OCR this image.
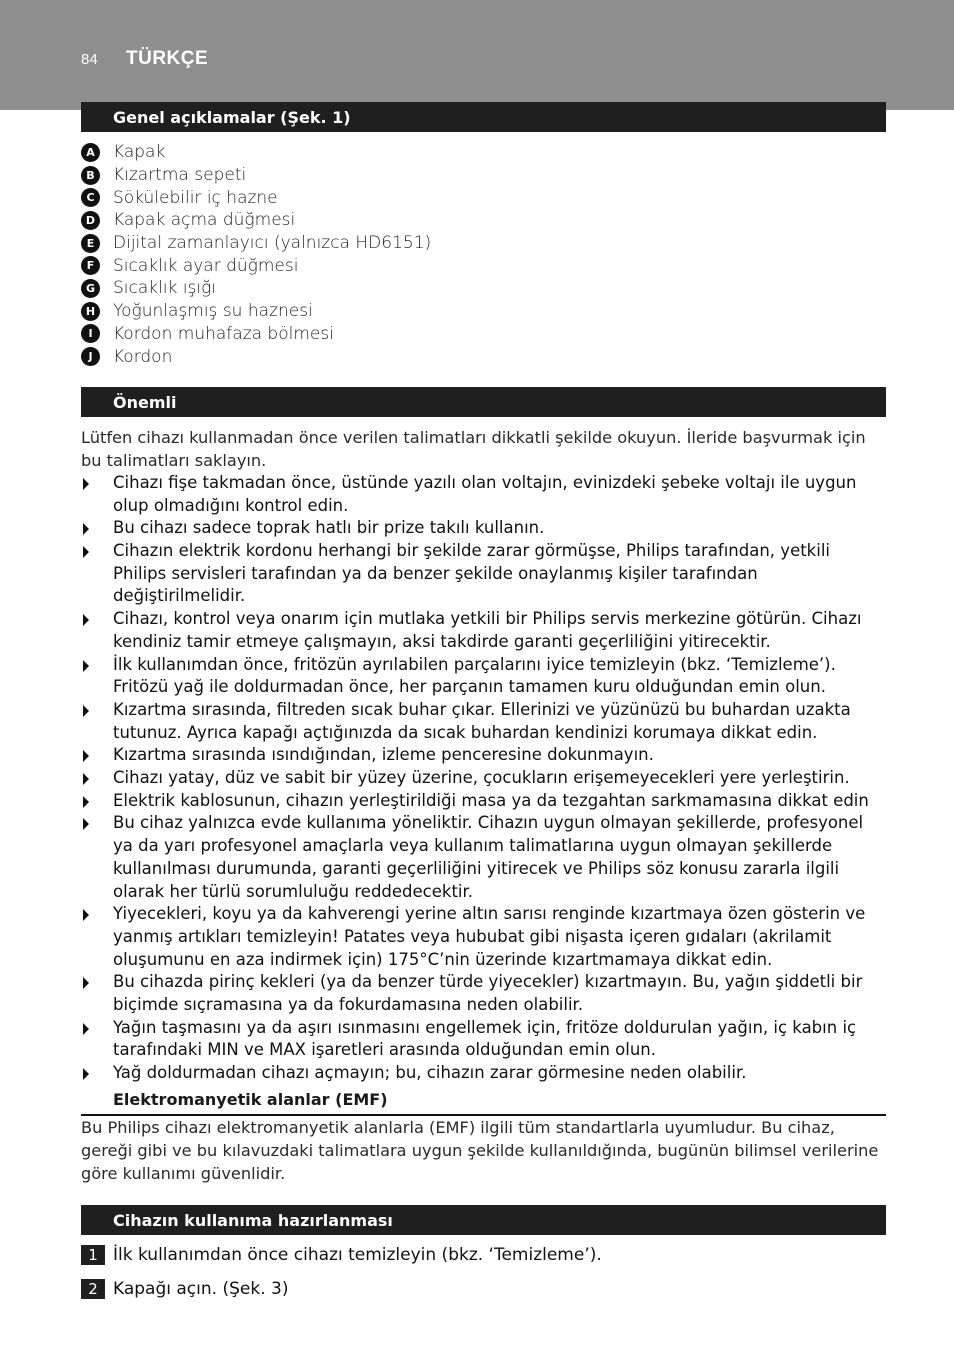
84 TÜRKÇE
Genel açıklamalar (Şek. 1)
A	Kapak
B	Kızartma sepeti
C	Sökülebilir iç hazne
D Kapak açma düğmesi
E	Dijital zamanlayıcı (yalnızca HD6151)
F	Sıcaklık ayar düğmesi
G Sıcaklık ışığı
H Yoğunlaşmış su haznesi
I	Kordon muhafaza bölmesi
J	Kordon
Önemli

Lütfen cihazı kullanmadan önce verilen talimatları dikkatli şekilde okuyun. İleride başvurmak için bu talimatları saklayın.

Cihazı fişe takmadan önce, üstünde yazılı olan voltajın, evinizdeki şebeke voltajı ile uygun olup olmadığını kontrol edin.
Bu cihazı sadece toprak hatlı bir prize takılı kullanın.
Cihazın elektrik kordonu herhangi bir şekilde zarar görmüşse, Philips tarafından, yetkili Philips servisleri tarafından ya da benzer şekilde onaylanmış kişiler tarafından değiştirilmelidir.
Cihazı, kontrol veya onarım için mutlaka yetkili bir Philips servis merkezine götürün. Cihazı kendiniz tamir etmeye çalışmayın, aksi takdirde garanti geçerliliğini yitirecektir.
İlk kullanımdan önce, fritözün ayrılabilen parçalarını iyice temizleyin (bkz. ‘Temizleme’). Fritözü yağ ile doldurmadan önce, her parçanın tamamen kuru olduğundan emin olun.
Kızartma sırasında, filtreden sıcak buhar çıkar. Ellerinizi ve yüzünüzü bu buhardan uzakta tutunuz. Ayrıca kapağı açtığınızda da sıcak buhardan kendinizi korumaya dikkat edin.
Kızartma sırasında ısındığından, izleme penceresine dokunmayın.
Cihazı yatay, düz ve sabit bir yüzey üzerine, çocukların erişemeyecekleri yere yerleştirin.
Elektrik kablosunun, cihazın yerleştirildiği masa ya da tezgahtan sarkmamasına dikkat edin
Bu cihaz yalnızca evde kullanıma yöneliktir. Cihazın uygun olmayan şekillerde, profesyonel ya da yarı profesyonel amaçlarla veya kullanım talimatlarına uygun olmayan şekillerde kullanılması durumunda, garanti geçerliliğini yitirecek ve Philips söz konusu zararla ilgili olarak her türlü sorumluluğu reddedecektir.
Yiyecekleri, koyu ya da kahverengi yerine altın sarısı renginde kızartmaya özen gösterin ve yanmış artıkları temizleyin! Patates veya hububat gibi nişasta içeren gıdaları (akrilamit oluşumunu en aza indirmek için) 175°C’nin üzerinde kızartmamaya dikkat edin.
Bu cihazda pirinç kekleri (ya da benzer türde yiyecekler) kızartmayın. Bu, yağın şiddetli bir biçimde sıçramasına ya da fokurdamasına neden olabilir.
Yağın taşmasını ya da aşırı ısınmasını engellemek için, fritöze doldurulan yağın, iç kabın iç tarafındaki MIN ve MAX işaretleri arasında olduğundan emin olun.
Yağ doldurmadan cihazı açmayın; bu, cihazın zarar görmesine neden olabilir.
Elektromanyetik alanlar (EMF)

Bu Philips cihazı elektromanyetik alanlarla (EMF) ilgili tüm standartlarla uyumludur. Bu cihaz, gereği gibi ve bu kılavuzdaki talimatlara uygun şekilde kullanıldığında, bugünün bilimsel verilerine göre kullanımı güvenlidir.

Cihazın kullanıma hazırlanması
1 İlk kullanımdan önce cihazı temizleyin (bkz. ‘Temizleme’).
2 Kapağı açın. (Şek. 3)
